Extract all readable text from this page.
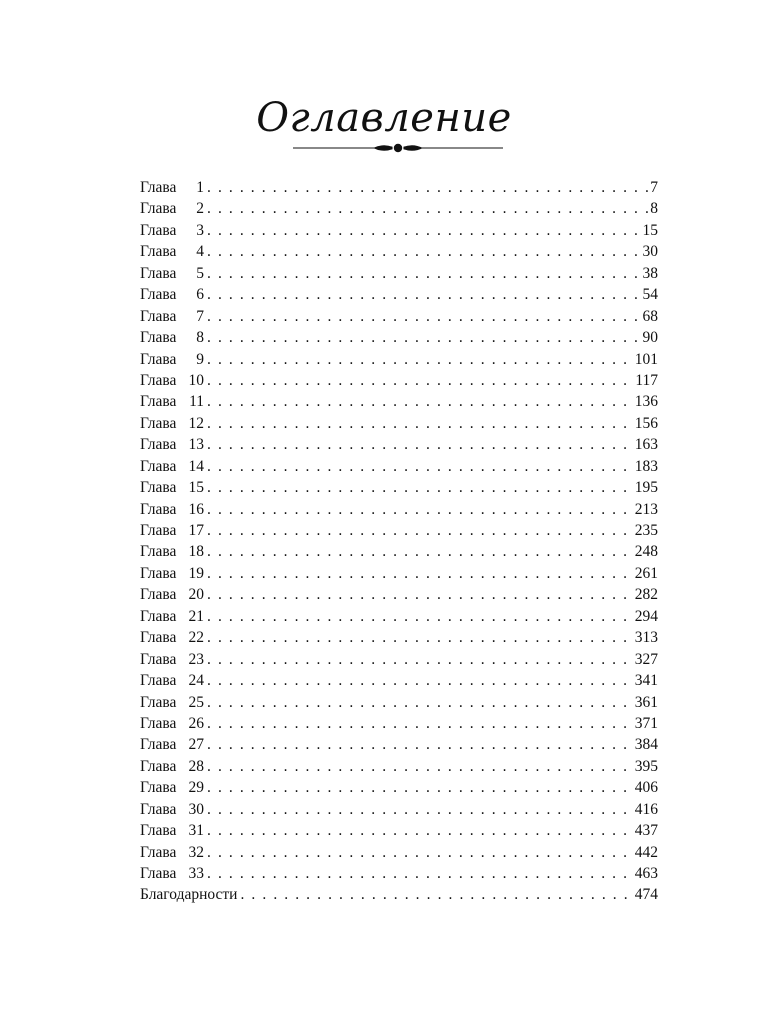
Оглавление
Глава 1 . . .	7
Глава 2 . . .	8
Глава 3 . . .	15
Глава 4 . . .	30
Глава 5 . . .	38
Глава 6 . . .	54
Глава 7 . . .	68
Глава 8 . . .	90
Глава 9 . . .	101
Глава 10 . . .	117
Глава 11 . . .	136
Глава 12 . . .	156
Глава 13 . . .	163
Глава 14 . . .	183
Глава 15 . . .	195
Глава 16 . . .	213
Глава 17 . . .	235
Глава 18 . . .	248
Глава 19 . . .	261
Глава 20 . . .	282
Глава 21 . . .	294
Глава 22 . . .	313
Глава 23 . . .	327
Глава 24 . . .	341
Глава 25 . . .	361
Глава 26 . . .	371
Глава 27 . . .	384
Глава 28 . . .	395
Глава 29 . . .	406
Глава 30 . . .	416
Глава 31 . . .	437
Глава 32 . . .	442
Глава 33 . . .	463
Благодарности . . .	474
